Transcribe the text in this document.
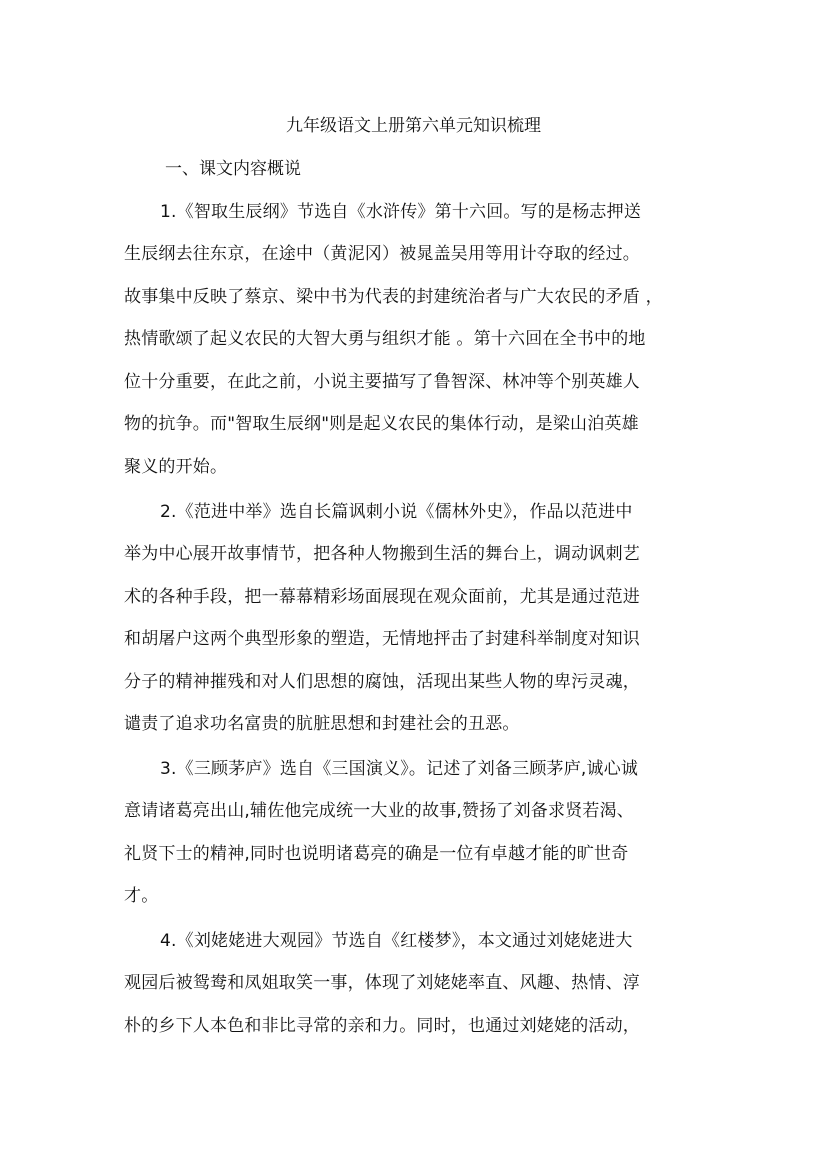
九年级语文上册第六单元知识梳理
一、课文内容概说
1.《智取生辰纲》节选自《水浒传》第十六回。写的是杨志押送
生辰纲去往东京，在途中（黄泥冈）被晁盖吴用等用计夺取的经过。
故事集中反映了蔡京、梁中书为代表的封建统治者与广大农民的矛盾 ，
热情歌颂了起义农民的大智大勇与组织才能 。第十六回在全书中的地
位十分重要，在此之前，小说主要描写了鲁智深、林冲等个别英雄人
物的抗争。而"智取生辰纲"则是起义农民的集体行动，是梁山泊英雄
聚义的开始。
2.《范进中举》选自长篇讽刺小说《儒林外史》，作品以范进中
举为中心展开故事情节，把各种人物搬到生活的舞台上，调动讽刺艺
术的各种手段，把一幕幕精彩场面展现在观众面前，尤其是通过范进
和胡屠户这两个典型形象的塑造，无情地抨击了封建科举制度对知识
分子的精神摧残和对人们思想的腐蚀，活现出某些人物的卑污灵魂，
谴责了追求功名富贵的肮脏思想和封建社会的丑恶。
3.《三顾茅庐》选自《三国演义》。记述了刘备三顾茅庐,诚心诚
意请诸葛亮出山,辅佐他完成统一大业的故事,赞扬了刘备求贤若渴、
礼贤下士的精神,同时也说明诸葛亮的确是一位有卓越才能的旷世奇
才。
4.《刘姥姥进大观园》节选自《红楼梦》，本文通过刘姥姥进大
观园后被鸳鸯和凤姐取笑一事，体现了刘姥姥率直、风趣、热情、淳
朴的乡下人本色和非比寻常的亲和力。同时，也通过刘姥姥的活动，
